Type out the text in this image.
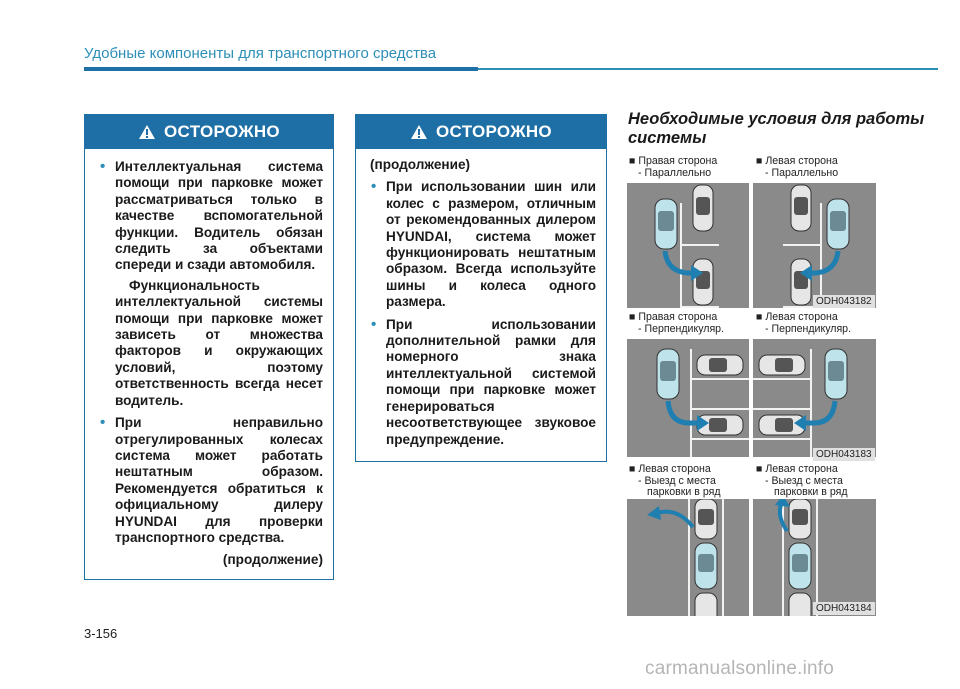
Удобные компоненты для транспортного средства
ОСТОРОЖНО
• Интеллектуальная система помощи при парковке может рассматриваться только в качестве вспомогательной функции. Водитель обязан следить за объектами спереди и сзади автомобиля.
Функциональность интеллектуальной системы помощи при парковке может зависеть от множества факторов и окружающих условий, поэтому ответственность всегда несет водитель.
• При неправильно отрегулированных колесах система может работать нештатным образом. Рекомендуется обратиться к официальному дилеру HYUNDAI для проверки транспортного средства.
(продолжение)
ОСТОРОЖНО
(продолжение)
• При использовании шин или колес с размером, отличным от рекомендованных дилером HYUNDAI, система может функционировать нештатным образом. Всегда используйте шины и колеса одного размера.
• При использовании дополнительной рамки для номерного знака интеллектуальной системой помощи при парковке может генерироваться несоответствующее звуковое предупреждение.
Необходимые условия для работы системы
■ Правая сторона
- Параллельно
■ Левая сторона
- Параллельно
ODH043182
■ Правая сторона
- Перпендикуляр.
■ Левая сторона
- Перпендикуляр.
ODH043183
■ Левая сторона
- Выезд с места
парковки в ряд
■ Левая сторона
- Выезд с места
парковки в ряд
ODH043184
3-156
carmanualsonline.info
